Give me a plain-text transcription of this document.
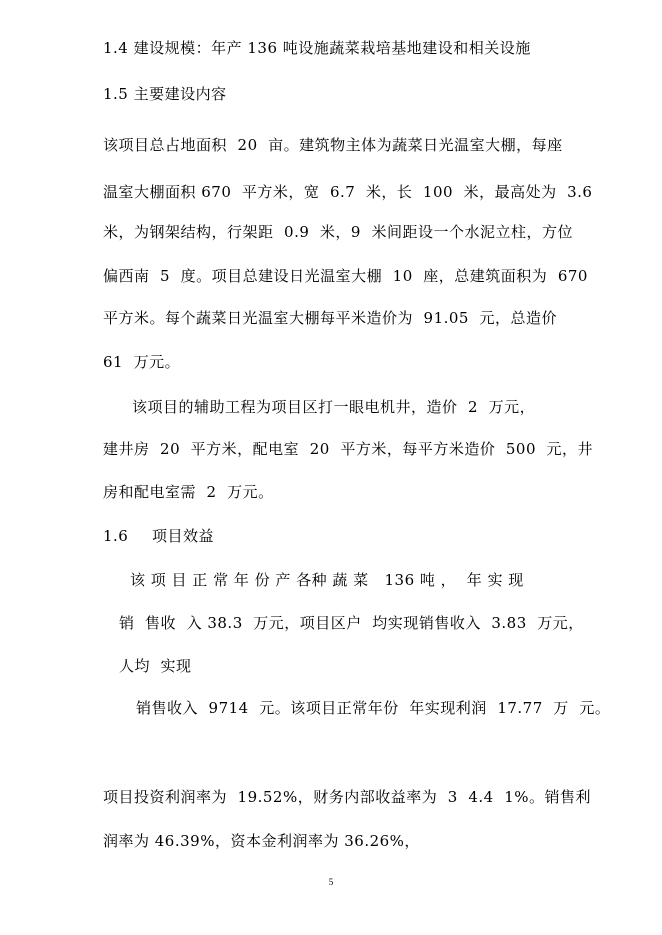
1.4 建设规模：年产 136 吨设施蔬菜栽培基地建设和相关设施
1.5 主要建设内容
该项目总占地面积  20  亩。建筑物主体为蔬菜日光温室大棚，每座
温室大棚面积 670  平方米，宽  6.7  米，长  100  米，最高处为  3.6
米，为钢架结构，行架距  0.9  米，9  米间距设一个水泥立柱，方位
偏西南  5  度。项目总建设日光温室大棚  10  座，总建筑面积为  670
平方米。每个蔬菜日光温室大棚每平米造价为  91.05  元，总造价
61  万元。
该项目的辅助工程为项目区打一眼电机井，造价  2  万元，
建井房  20  平方米，配电室  20  平方米，每平方米造价  500  元，井
房和配电室需  2  万元。
1.6 项目效益
该 项 目 正 常 年 份 产 各种 蔬 菜   136 吨 ，  年 实 现
销  售收  入 38.3  万元，项目区户  均实现销售收入  3.83  万元，
人均  实现
销售收入  9714  元。该项目正常年份  年实现利润  17.77  万  元。
项目投资利润率为  19.52%，财务内部收益率为  3  4.4  1%。销售利
润率为 46.39%，资本金利润率为 36.26%，
5
